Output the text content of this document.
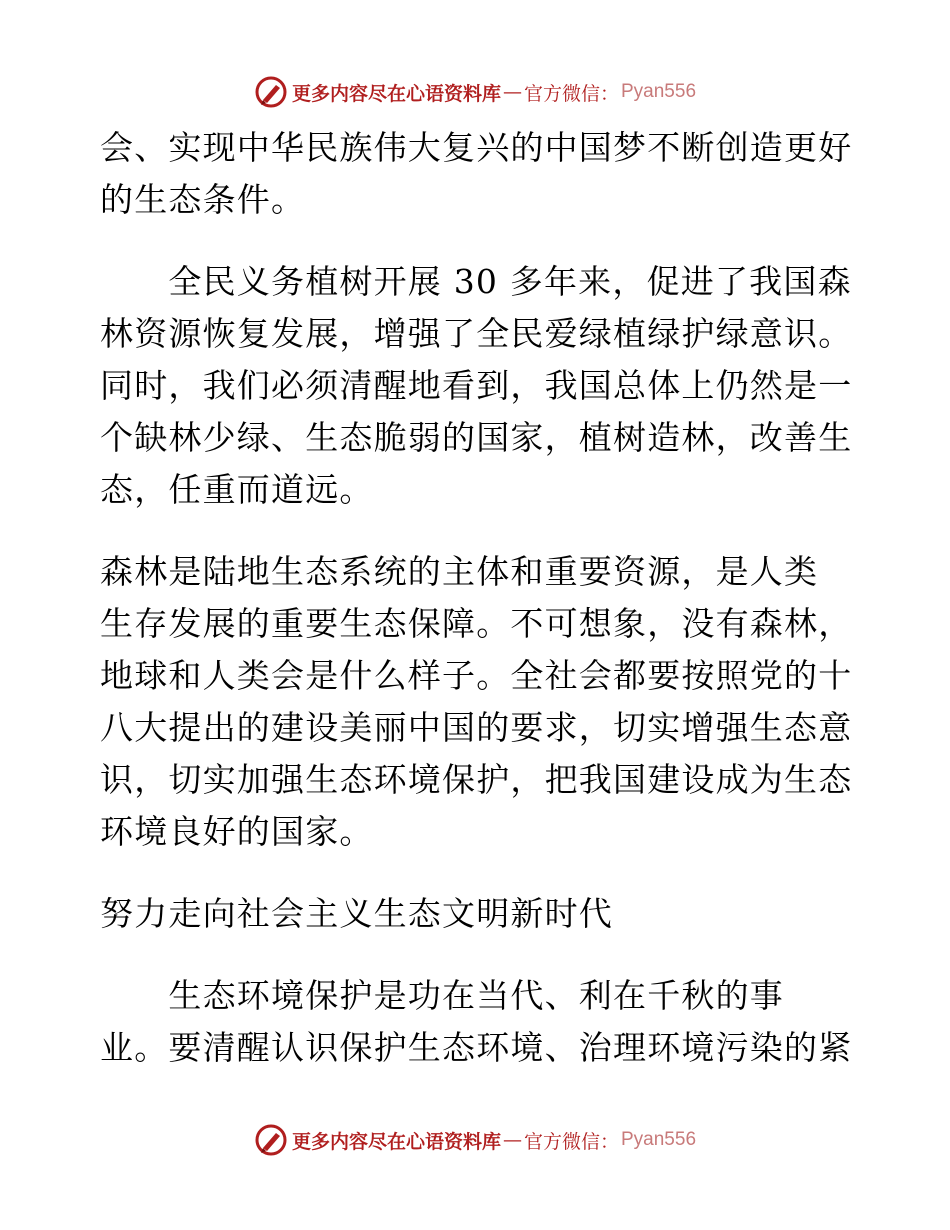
更多内容尽在心语资料库 — 官方微信： Pyan556
会、实现中华民族伟大复兴的中国梦不断创造更好
的生态条件。
　　全民义务植树开展 30 多年来，促进了我国森
林资源恢复发展，增强了全民爱绿植绿护绿意识。
同时，我们必须清醒地看到，我国总体上仍然是一
个缺林少绿、生态脆弱的国家，植树造林，改善生
态，任重而道远。
森林是陆地生态系统的主体和重要资源，是人类
生存发展的重要生态保障。不可想象，没有森林，
地球和人类会是什么样子。全社会都要按照党的十
八大提出的建设美丽中国的要求，切实增强生态意
识，切实加强生态环境保护，把我国建设成为生态
环境良好的国家。
努力走向社会主义生态文明新时代
　　生态环境保护是功在当代、利在千秋的事
业。要清醒认识保护生态环境、治理环境污染的紧
更多内容尽在心语资料库 — 官方微信： Pyan556
